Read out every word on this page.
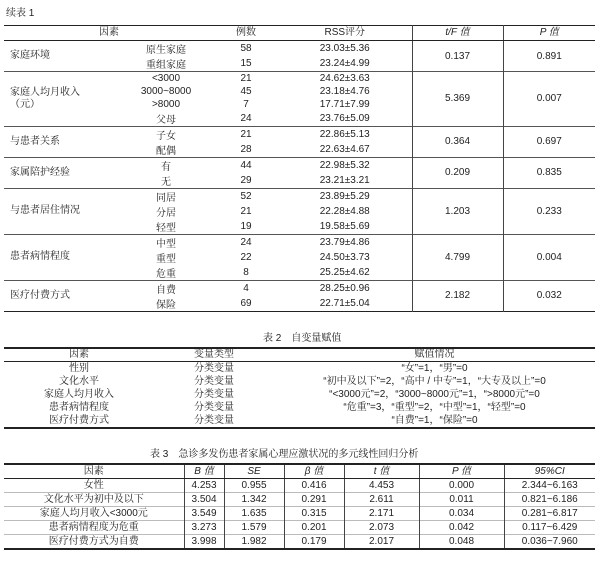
续表 1
因素		例数	RSS评分	t/F 值	P 值
家庭环境	原生家庭	58	23.03±5.36	0.137	0.891
	重组家庭	15	23.24±4.99		
家庭人均月收入（元）	<3000	21	24.62±3.63	5.369	0.007
	3000~8000	45	23.18±4.76		
	>8000	7	17.71±7.99		
	父母	24	23.76±5.09		
与患者关系	子女	21	22.86±5.13	0.364	0.697
	配偶	28	22.63±4.67		
家属陪护经验	有	44	22.98±5.32	0.209	0.835
	无	29	23.21±3.21		
与患者居住情况	同居	52	23.89±5.29	1.203	0.233
	分居	21	22.28±4.88		
	轻型	19	19.58±5.69		
患者病情程度	中型	24	23.79±4.86	4.799	0.004
	重型	22	24.50±3.73		
	危重	8	25.25±4.62		
医疗付费方式	自费	4	28.25±0.96	2.182	0.032
	保险	69	22.71±5.04		
表 2　自变量赋值
因素	变量类型	赋值情况
性别	分类变量	“女”=1，“男”=0
文化水平	分类变量	“初中及以下”=2，“高中 / 中专”=1，“大专及以上”=0
家庭人均月收入	分类变量	“<3000元”=2，“3000~8000元”=1，“>8000元”=0
患者病情程度	分类变量	“危重”=3，“重型”=2，“中型”=1，“轻型”=0
医疗付费方式	分类变量	“自费”=1，“保险”=0
表 3　急诊多发伤患者家属心理应激状况的多元线性回归分析
因素	B 值	SE	β 值	t 值	P 值	95%CI
女性	4.253	0.955	0.416	4.453	0.000	2.344~6.163
文化水平为初中及以下	3.504	1.342	0.291	2.611	0.011	0.821~6.186
家庭人均月收入<3000元	3.549	1.635	0.315	2.171	0.034	0.281~6.817
患者病情程度为危重	3.273	1.579	0.201	2.073	0.042	0.117~6.429
医疗付费方式为自费	3.998	1.982	0.179	2.017	0.048	0.036~7.960
